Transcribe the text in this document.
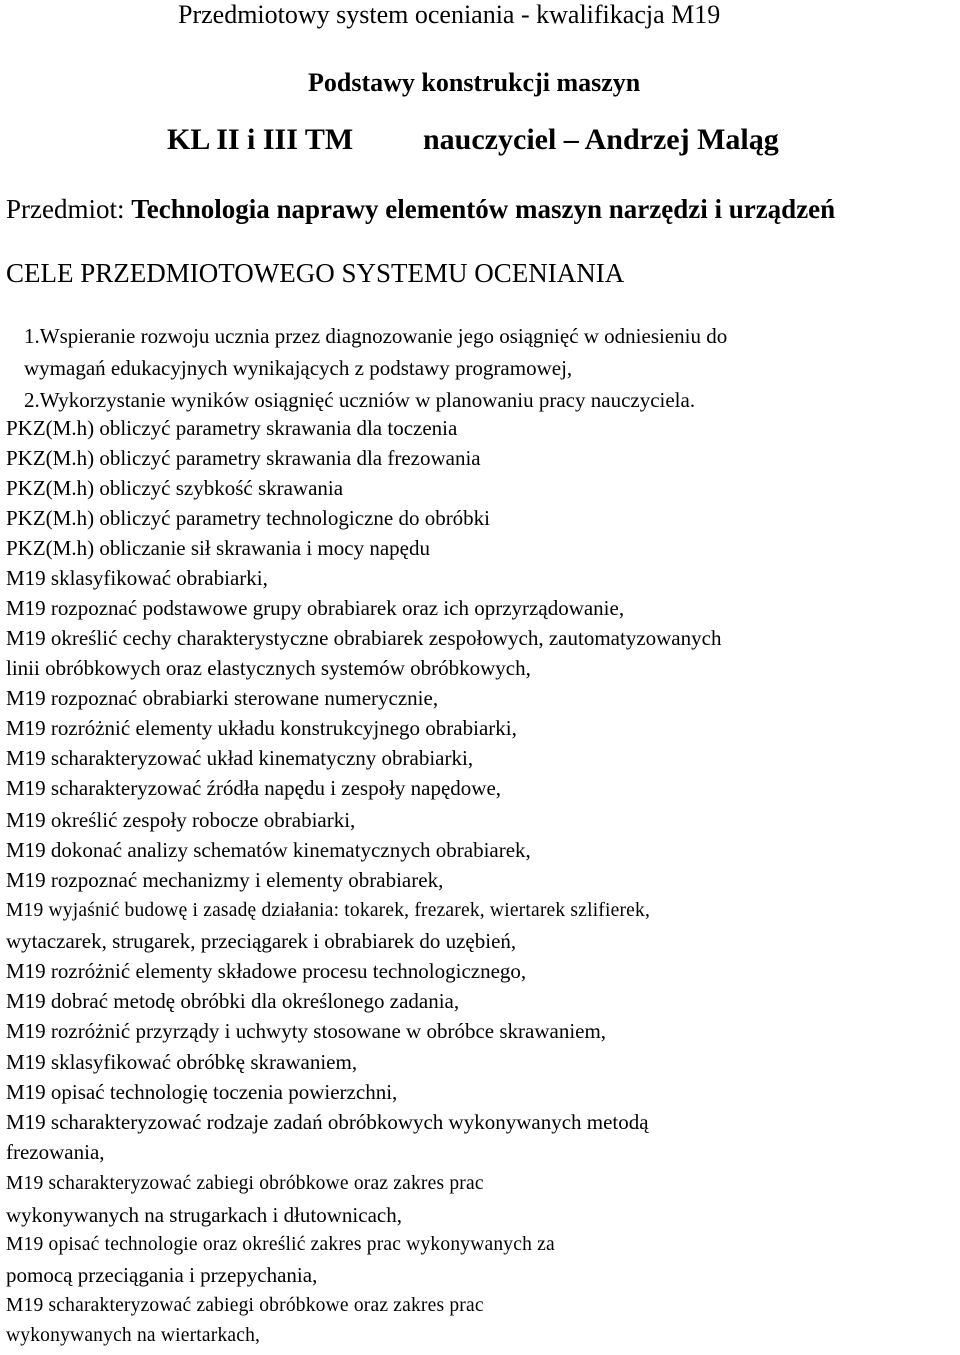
Przedmiotowy system oceniania - kwalifikacja M19
Podstawy konstrukcji maszyn
KL II i III TM nauczyciel – Andrzej Maląg
Przedmiot: Technologia naprawy elementów maszyn narzędzi i urządzeń
CELE PRZEDMIOTOWEGO SYSTEMU OCENIANIA
1.Wspieranie rozwoju ucznia przez diagnozowanie jego osiągnięć w odniesieniu do
wymagań edukacyjnych wynikających z podstawy programowej,
2.Wykorzystanie wyników osiągnięć uczniów w planowaniu pracy nauczyciela.
PKZ(M.h) obliczyć parametry skrawania dla toczenia
PKZ(M.h) obliczyć parametry skrawania dla frezowania
PKZ(M.h) obliczyć szybkość skrawania
PKZ(M.h) obliczyć parametry technologiczne do obróbki
PKZ(M.h) obliczanie sił skrawania i mocy napędu
M19 sklasyfikować obrabiarki,
M19 rozpoznać podstawowe grupy obrabiarek oraz ich oprzyrządowanie,
M19 określić cechy charakterystyczne obrabiarek zespołowych, zautomatyzowanych
linii obróbkowych oraz elastycznych systemów obróbkowych,
M19 rozpoznać obrabiarki sterowane numerycznie,
M19 rozróżnić elementy układu konstrukcyjnego obrabiarki,
M19 scharakteryzować układ kinematyczny obrabiarki,
M19 scharakteryzować źródła napędu i zespoły napędowe,
M19 określić zespoły robocze obrabiarki,
M19 dokonać analizy schematów kinematycznych obrabiarek,
M19 rozpoznać mechanizmy i elementy obrabiarek,
M19 wyjaśnić budowę i zasadę działania: tokarek, frezarek, wiertarek szlifierek,
wytaczarek, strugarek, przeciągarek i obrabiarek do uzębień,
M19 rozróżnić elementy składowe procesu technologicznego,
M19 dobrać metodę obróbki dla określonego zadania,
M19 rozróżnić przyrządy i uchwyty stosowane w obróbce skrawaniem,
M19 sklasyfikować obróbkę skrawaniem,
M19 opisać technologię toczenia powierzchni,
M19 scharakteryzować rodzaje zadań obróbkowych wykonywanych metodą
frezowania,
M19 scharakteryzować zabiegi obróbkowe oraz zakres prac
wykonywanych na strugarkach i dłutownicach,
M19 opisać technologie oraz określić zakres prac wykonywanych za
pomocą przeciągania i przepychania,
M19 scharakteryzować zabiegi obróbkowe oraz zakres prac
wykonywanych na wiertarkach,
